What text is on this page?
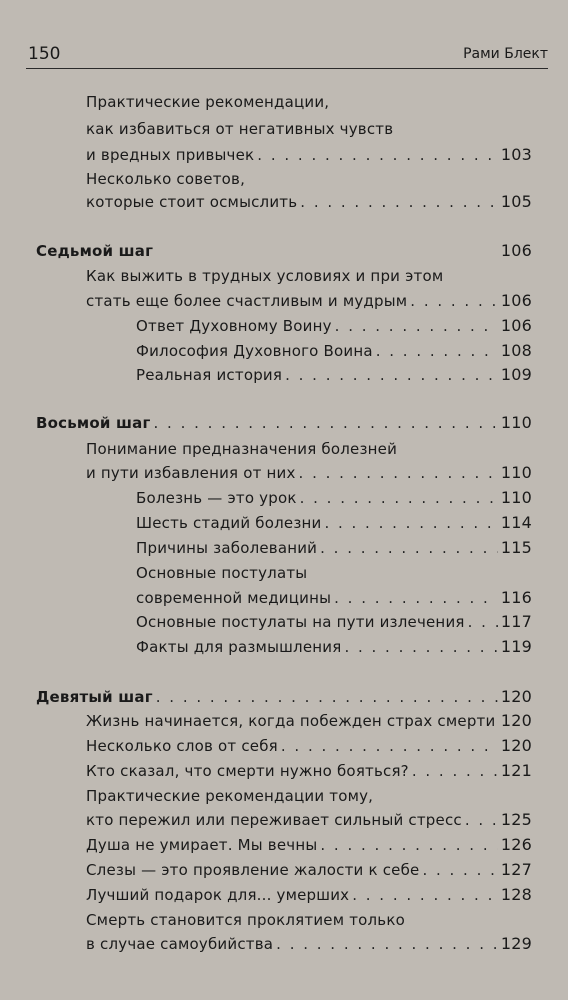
150	Рами Блект
Практические рекомендации,
как избавиться от негативных чувств
и вредных привычек . . .	103
Несколько советов,
которые стоит осмыслить . . .	105
Седьмой шаг	106
Как выжить в трудных условиях и при этом
стать еще более счастливым и мудрым . . .	106
Ответ Духовному Воину . . .	106
Философия Духовного Воина . . .	108
Реальная история . . .	109
Восьмой шаг . . .	110
Понимание предназначения болезней
и пути избавления от них . . .	110
Болезнь — это урок . . .	110
Шесть стадий болезни . . .	114
Причины заболеваний . . .	115
Основные постулаты
современной медицины . . .	116
Основные постулаты на пути излечения . . . 117
Факты для размышления . . .	119
Девятый шаг . . .	120
Жизнь начинается, когда побежден страх смерти . . . 120
Несколько слов от себя . . .	120
Кто сказал, что смерти нужно бояться? . . .	121
Практические рекомендации тому,
кто пережил или переживает сильный стресс . . . 125
Душа не умирает. Мы вечны . . .	126
Слезы — это проявление жалости к себе . . .	127
Лучший подарок для... умерших . . .	128
Смерть становится проклятием только
в случае самоубийства . . .	129
